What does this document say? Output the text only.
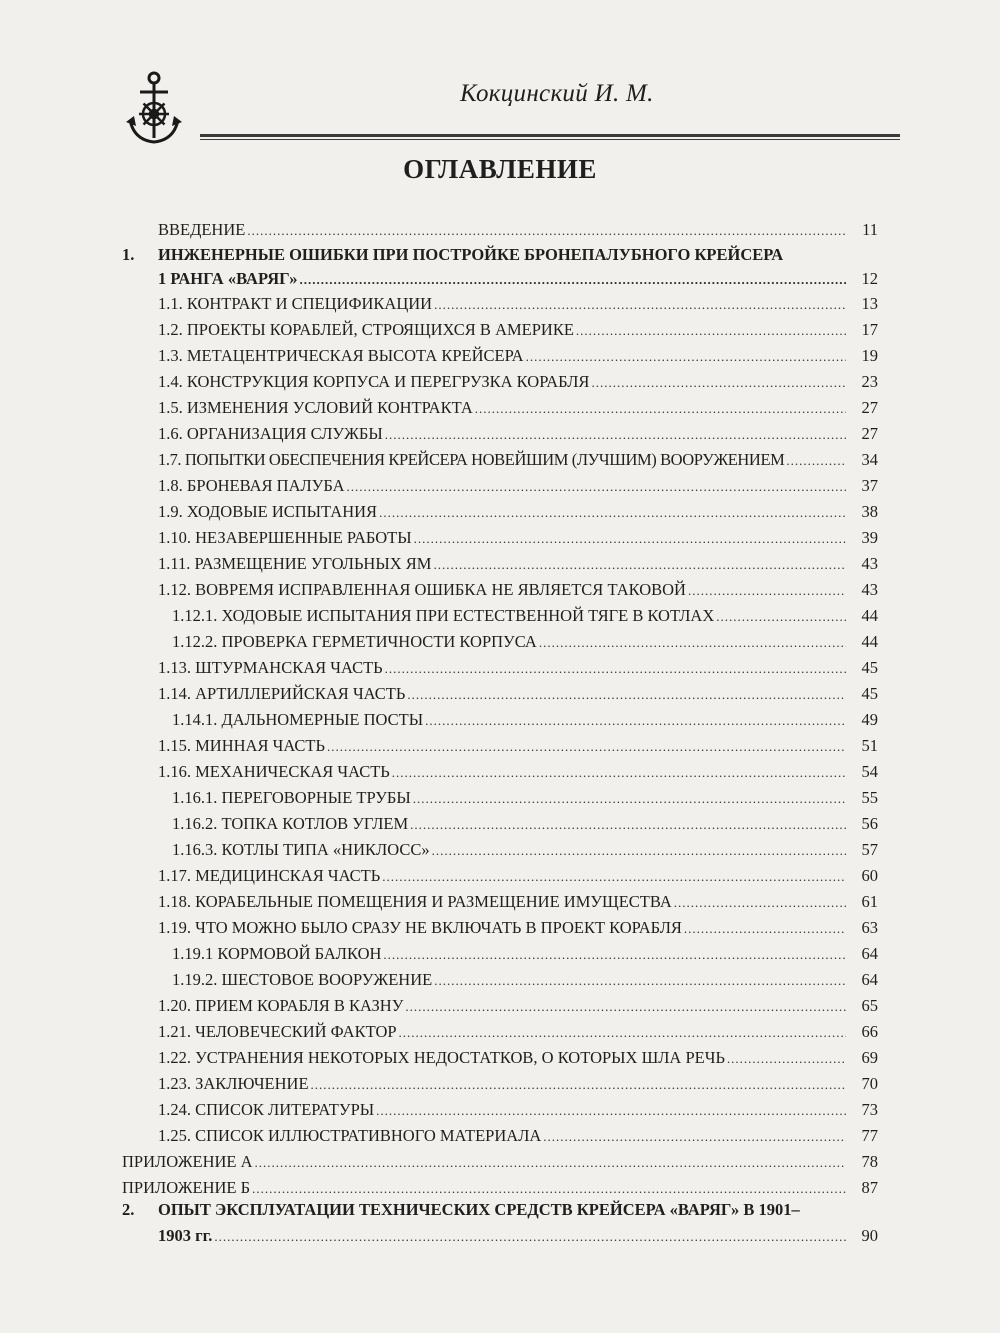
Кокцинский И. М.
ОГЛАВЛЕНИЕ
ВВЕДЕНИЕ .....	11
1. ИНЖЕНЕРНЫЕ ОШИБКИ ПРИ ПОСТРОЙКЕ БРОНЕПАЛУБНОГО КРЕЙСЕРА
1 РАНГА «ВАРЯГ» .....	12
1.1. КОНТРАКТ И СПЕЦИФИКАЦИИ .....	13
1.2. ПРОЕКТЫ КОРАБЛЕЙ, СТРОЯЩИХСЯ В АМЕРИКЕ .....	17
1.3. МЕТАЦЕНТРИЧЕСКАЯ ВЫСОТА КРЕЙСЕРА .....	19
1.4. КОНСТРУКЦИЯ КОРПУСА И ПЕРЕГРУЗКА КОРАБЛЯ .....	23
1.5. ИЗМЕНЕНИЯ УСЛОВИЙ КОНТРАКТА .....	27
1.6. ОРГАНИЗАЦИЯ СЛУЖБЫ .....	27
1.7. ПОПЫТКИ ОБЕСПЕЧЕНИЯ КРЕЙСЕРА НОВЕЙШИМ (ЛУЧШИМ) ВООРУЖЕНИЕМ .....	34
1.8. БРОНЕВАЯ ПАЛУБА .....	37
1.9. ХОДОВЫЕ ИСПЫТАНИЯ .....	38
1.10. НЕЗАВЕРШЕННЫЕ РАБОТЫ .....	39
1.11. РАЗМЕЩЕНИЕ УГОЛЬНЫХ ЯМ .....	43
1.12. ВОВРЕМЯ ИСПРАВЛЕННАЯ ОШИБКА НЕ ЯВЛЯЕТСЯ ТАКОВОЙ .....	43
1.12.1. ХОДОВЫЕ ИСПЫТАНИЯ ПРИ ЕСТЕСТВЕННОЙ ТЯГЕ В КОТЛАХ .....	44
1.12.2. ПРОВЕРКА ГЕРМЕТИЧНОСТИ КОРПУСА .....	44
1.13. ШТУРМАНСКАЯ ЧАСТЬ .....	45
1.14. АРТИЛЛЕРИЙСКАЯ ЧАСТЬ .....	45
1.14.1. ДАЛЬНОМЕРНЫЕ ПОСТЫ .....	49
1.15. МИННАЯ ЧАСТЬ .....	51
1.16. МЕХАНИЧЕСКАЯ ЧАСТЬ .....	54
1.16.1. ПЕРЕГОВОРНЫЕ ТРУБЫ .....	55
1.16.2. ТОПКА КОТЛОВ УГЛЕМ .....	56
1.16.3. КОТЛЫ ТИПА «НИКЛОСС» .....	57
1.17. МЕДИЦИНСКАЯ ЧАСТЬ .....	60
1.18. КОРАБЕЛЬНЫЕ ПОМЕЩЕНИЯ И РАЗМЕЩЕНИЕ ИМУЩЕСТВА .....	61
1.19. ЧТО МОЖНО БЫЛО СРАЗУ НЕ ВКЛЮЧАТЬ В ПРОЕКТ КОРАБЛЯ .....	63
1.19.1 КОРМОВОЙ БАЛКОН .....	64
1.19.2. ШЕСТОВОЕ ВООРУЖЕНИЕ .....	64
1.20. ПРИЕМ КОРАБЛЯ В КАЗНУ .....	65
1.21. ЧЕЛОВЕЧЕСКИЙ ФАКТОР .....	66
1.22. УСТРАНЕНИЯ НЕКОТОРЫХ НЕДОСТАТКОВ, О КОТОРЫХ ШЛА РЕЧЬ .....	69
1.23. ЗАКЛЮЧЕНИЕ .....	70
1.24. СПИСОК ЛИТЕРАТУРЫ .....	73
1.25. СПИСОК ИЛЛЮСТРАТИВНОГО МАТЕРИАЛА .....	77
ПРИЛОЖЕНИЕ А .....	78
ПРИЛОЖЕНИЕ Б .....	87
2. ОПЫТ ЭКСПЛУАТАЦИИ ТЕХНИЧЕСКИХ СРЕДСТВ КРЕЙСЕРА «ВАРЯГ» В 1901–
1903 гг. .....	90
